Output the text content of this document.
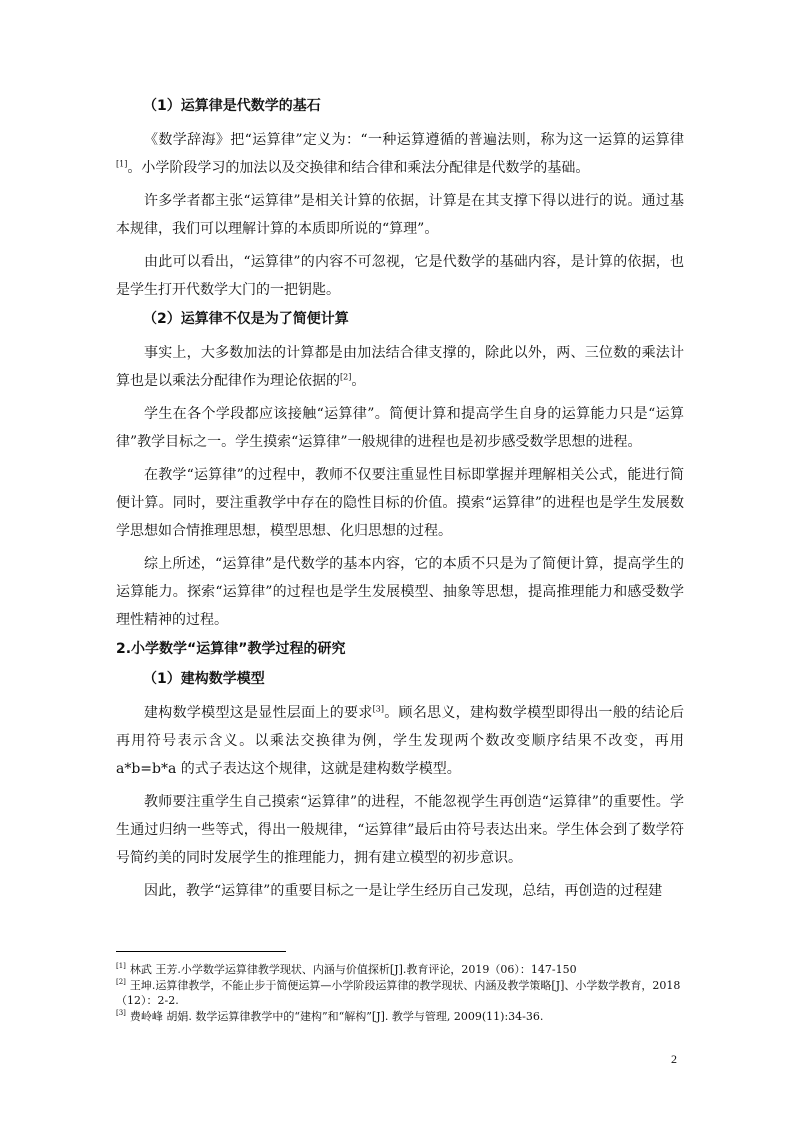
（1）运算律是代数学的基石
《数学辞海》把“运算律”定义为：“一种运算遵循的普遍法则，称为这一运算的运算律[1]。小学阶段学习的加法以及交换律和结合律和乘法分配律是代数学的基础。
许多学者都主张“运算律”是相关计算的依据，计算是在其支撑下得以进行的说。通过基本规律，我们可以理解计算的本质即所说的“算理”。
由此可以看出，“运算律”的内容不可忽视，它是代数学的基础内容，是计算的依据，也是学生打开代数学大门的一把钥匙。
（2）运算律不仅是为了简便计算
事实上，大多数加法的计算都是由加法结合律支撑的，除此以外，两、三位数的乘法计算也是以乘法分配律作为理论依据的[2]。
学生在各个学段都应该接触“运算律”。简便计算和提高学生自身的运算能力只是“运算律”教学目标之一。学生摸索“运算律”一般规律的进程也是初步感受数学思想的进程。
在教学“运算律”的过程中，教师不仅要注重显性目标即掌握并理解相关公式，能进行简便计算。同时，要注重教学中存在的隐性目标的价值。摸索“运算律”的进程也是学生发展数学思想如合情推理思想，模型思想、化归思想的过程。
综上所述，“运算律”是代数学的基本内容，它的本质不只是为了简便计算，提高学生的运算能力。探索“运算律”的过程也是学生发展模型、抽象等思想，提高推理能力和感受数学理性精神的过程。
2.小学数学“运算律”教学过程的研究
（1）建构数学模型
建构数学模型这是显性层面上的要求[3]。顾名思义，建构数学模型即得出一般的结论后再用符号表示含义。以乘法交换律为例，学生发现两个数改变顺序结果不改变，再用 a*b=b*a 的式子表达这个规律，这就是建构数学模型。
教师要注重学生自己摸索“运算律”的进程，不能忽视学生再创造“运算律”的重要性。学生通过归纳一些等式，得出一般规律，“运算律”最后由符号表达出来。学生体会到了数学符号简约美的同时发展学生的推理能力，拥有建立模型的初步意识。
因此，教学“运算律”的重要目标之一是让学生经历自己发现，总结，再创造的过程建
[1] 林武 王芳.小学数学运算律教学现状、内涵与价值探析[J].教育评论，2019（06）：147-150
[2] 王坤.运算律教学，不能止步于简便运算—小学阶段运算律的教学现状、内涵及教学策略[J]、小学数学教育，2018（12）：2-2.
[3] 费岭峰 胡娟. 数学运算律教学中的“建构”和“解构”[J]. 教学与管理, 2009(11):34-36.
2
